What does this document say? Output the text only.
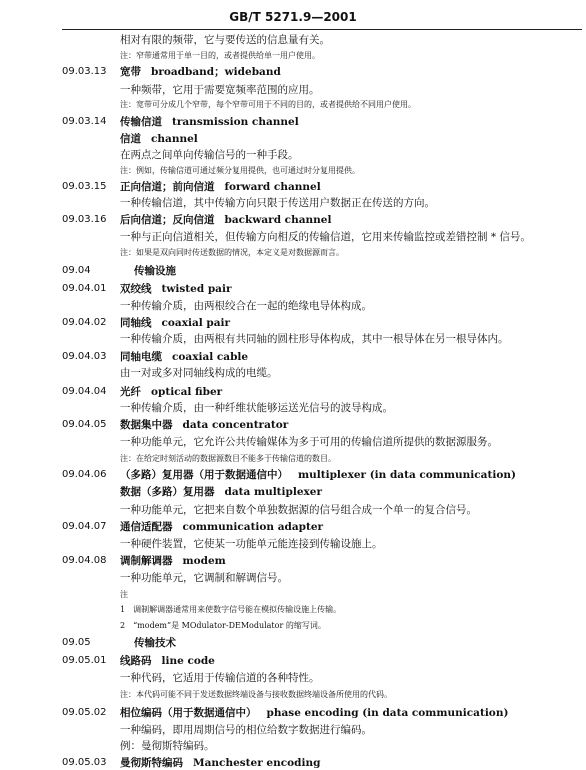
GB/T 5271.9—2001
相对有限的频带，它与要传送的信息量有关。
注：窄带通常用于单一目的，或者提供给单一用户使用。
09.03.13 宽带 broadband；wideband
一种频带，它用于需要宽频率范围的应用。
注：宽带可分成几个窄带，每个窄带可用于不同的目的，或者提供给不同用户使用。
09.03.14 传输信道 transmission channel
信道 channel
在两点之间单向传输信号的一种手段。
注：例如，传输信道可通过频分复用提供，也可通过时分复用提供。
09.03.15 正向信道；前向信道 forward channel
一种传输信道，其中传输方向只限于传送用户数据正在传送的方向。
09.03.16 后向信道；反向信道 backward channel
一种与正向信道相关，但传输方向相反的传输信道，它用来传输监控或差错控制 * 信号。
注：如果是双向同时传送数据的情况，本定义是对数据源而言。
09.04	传输设施
09.04.01 双绞线 twisted pair
一种传输介质，由两根绞合在一起的绝缘电导体构成。
09.04.02 同轴线 coaxial pair
一种传输介质，由两根有共同轴的圆柱形导体构成，其中一根导体在另一根导体内。
09.04.03 同轴电缆 coaxial cable
由一对或多对同轴线构成的电缆。
09.04.04 光纤 optical fiber
一种传输介质，由一种纤维状能够运送光信号的波导构成。
09.04.05 数据集中器 data concentrator
一种功能单元，它允许公共传输媒体为多于可用的传输信道所提供的数据源服务。
注：在给定时刻活动的数据源数目不能多于传输信道的数目。
09.04.06 （多路）复用器（用于数据通信中） multiplexer (in data communication)
数据（多路）复用器 data multiplexer
一种功能单元，它把来自数个单独数据源的信号组合成一个单一的复合信号。
09.04.07 通信适配器 communication adapter
一种硬件装置，它使某一功能单元能连接到传输设施上。
09.04.08 调制解调器 modem
一种功能单元，它调制和解调信号。
注
1　调制解调器通常用来使数字信号能在模拟传输设施上传输。
2　“modem”是 MOdulator-DEModulator 的缩写词。
09.05	传输技术
09.05.01 线路码 line code
一种代码，它适用于传输信道的各种特性。
注：本代码可能不同于发送数据终端设备与接收数据终端设备所使用的代码。
09.05.02 相位编码（用于数据通信中） phase encoding (in data communication)
一种编码，即用周期信号的相位给数字数据进行编码。
例：曼彻斯特编码。
09.05.03 曼彻斯特编码 Manchester encoding
